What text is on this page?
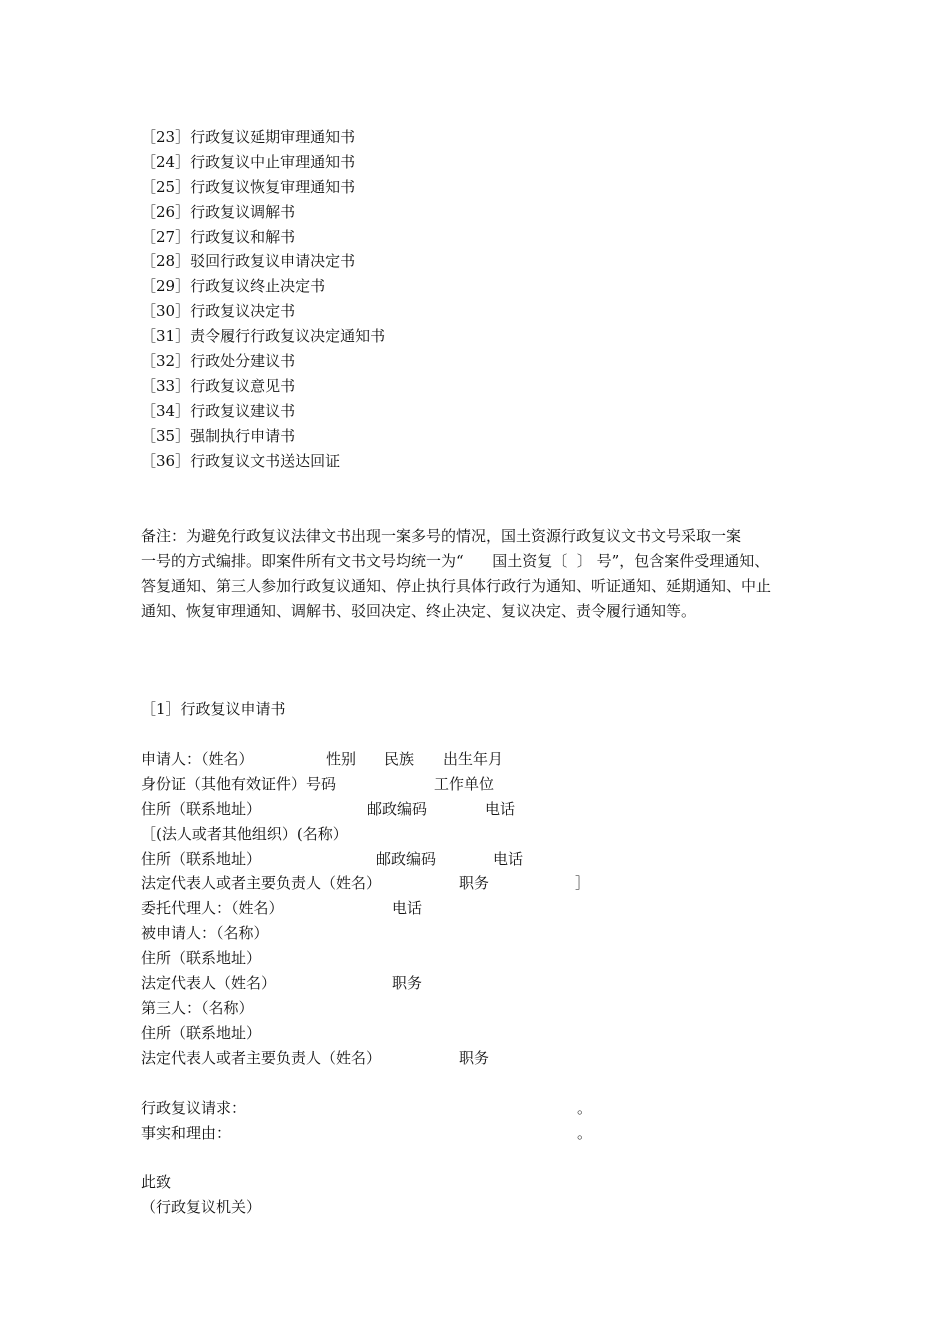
［23］行政复议延期审理通知书
［24］行政复议中止审理通知书
［25］行政复议恢复审理通知书
［26］行政复议调解书
［27］行政复议和解书
［28］驳回行政复议申请决定书
［29］行政复议终止决定书
［30］行政复议决定书
［31］责令履行行政复议决定通知书
［32］行政处分建议书
［33］行政复议意见书
［34］行政复议建议书
［35］强制执行申请书
［36］行政复议文书送达回证
备注：为避免行政复议法律文书出现一案多号的情况，国土资源行政复议文书文号采取一案
一号的方式编排。即案件所有文书文号均统一为“      国土资复〔  〕 号”，包含案件受理通知、
答复通知、第三人参加行政复议通知、停止执行具体行政行为通知、听证通知、延期通知、中止
通知、恢复审理通知、调解书、驳回决定、终止决定、复议决定、责令履行通知等。
［1］行政复议申请书
申请人：（姓名）	性别 民族 出生年月
身份证（其他有效证件）号码	工作单位
住所（联系地址）	邮政编码	电话
［(法人或者其他组织）(名称）
住所（联系地址）	邮政编码	电话
法定代表人或者主要负责人（姓名）	职务	］
委托代理人：（姓名）	电话
被申请人：（名称）
住所（联系地址）
法定代表人（姓名）	职务
第三人：（名称）
住所（联系地址）
法定代表人或者主要负责人（姓名）	职务
行政复议请求：	。
事实和理由：	。
此致
（行政复议机关）
